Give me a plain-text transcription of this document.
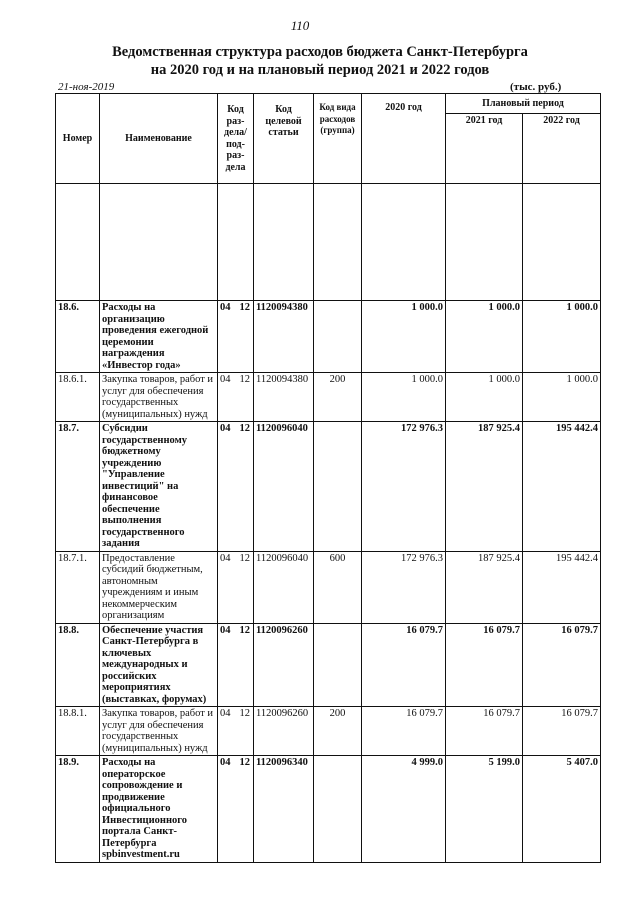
110
Ведомственная структура расходов бюджета Санкт-Петербурга
на 2020 год и на плановый период 2021 и 2022 годов
21-ноя-2019	(тыс. руб.)
Номер	Наименование	Код раз-дела/ под-раз-дела	Код целевой статьи	Код вида расходов (группа)	2020 год	Плановый период	
						2021 год	2022 год

18.6.	Расходы на организацию проведения ежегодной церемонии награждения «Инвестор года»	04 12	1120094380		1 000.0	1 000.0	1 000.0
18.6.1.	Закупка товаров, работ и услуг для обеспечения государственных (муниципальных) нужд	04 12	1120094380	200	1 000.0	1 000.0	1 000.0
18.7.	Субсидии государственному бюджетному учреждению "Управление инвестиций" на финансовое обеспечение выполнения государственного задания	04 12	1120096040		172 976.3	187 925.4	195 442.4
18.7.1.	Предоставление субсидий бюджетным, автономным учреждениям и иным некоммерческим организациям	04 12	1120096040	600	172 976.3	187 925.4	195 442.4
18.8.	Обеспечение участия Санкт-Петербурга в ключевых международных и российских мероприятиях (выставках, форумах)	04 12	1120096260		16 079.7	16 079.7	16 079.7
18.8.1.	Закупка товаров, работ и услуг для обеспечения государственных (муниципальных) нужд	04 12	1120096260	200	16 079.7	16 079.7	16 079.7
18.9.	Расходы на операторское сопровождение и продвижение официального Инвестиционного портала Санкт-Петербурга spbinvestment.ru	04 12	1120096340		4 999.0	5 199.0	5 407.0
